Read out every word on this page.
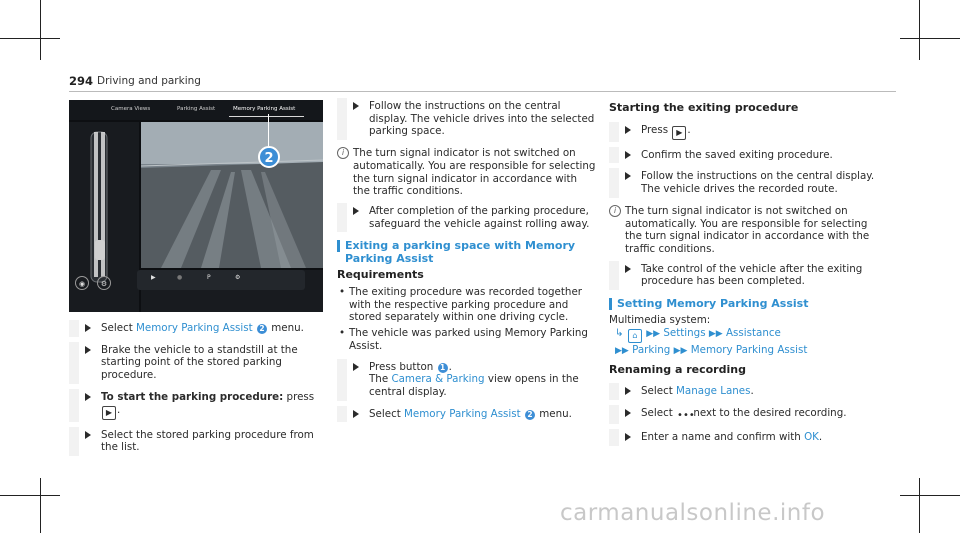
294 Driving and parking
Camera Views	Parking Assist	Memory Parking Assist
◉	⚙
2
▶	●	P	⚙
Select Memory Parking Assist 2 menu.
Brake the vehicle to a standstill at the starting point of the stored parking procedure.
To start the parking procedure: press ▶ .
Select the stored parking procedure from the list.
Follow the instructions on the central display. The vehicle drives into the selected parking space.
i The turn signal indicator is not switched on automatically. You are responsible for selecting the turn signal indicator in accordance with the traffic conditions.
After completion of the parking procedure, safeguard the vehicle against rolling away.
Exiting a parking space with Memory Parking Assist
Requirements
• The exiting procedure was recorded together with the respective parking procedure and stored separately within one driving cycle.
• The vehicle was parked using Memory Parking Assist.
Press button 1 .
The Camera & Parking view opens in the central display.
Select Memory Parking Assist 2 menu.
Starting the exiting procedure
Press ▶ .
Confirm the saved exiting procedure.
Follow the instructions on the central display. The vehicle drives the recorded route.
i The turn signal indicator is not switched on automatically. You are responsible for selecting the turn signal indicator in accordance with the traffic conditions.
Take control of the vehicle after the exiting procedure has been completed.
Setting Memory Parking Assist
Multimedia system:
↳ ⌂ ▶▶ Settings ▶▶ Assistance
▶▶ Parking ▶▶ Memory Parking Assist
Renaming a recording
Select Manage Lanes.
Select ••• next to the desired recording.
Enter a name and confirm with OK.
carmanualsonline.info
